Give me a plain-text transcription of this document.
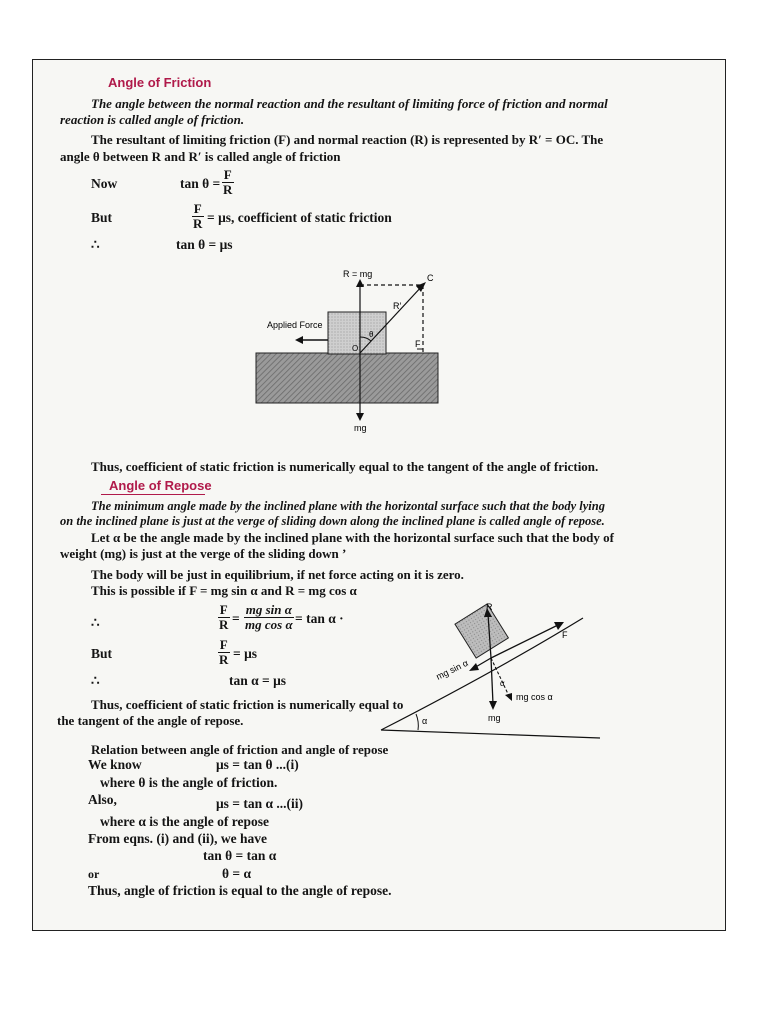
Angle of Friction
The angle between the normal reaction and the resultant of limiting force of friction and normal
reaction is called angle of friction.
The resultant of limiting friction (F) and normal reaction (R) is represented by R′ = OC. The
angle θ between R and R′ is called angle of friction
Now	$\tan \theta = \frac{F}{R}$
But	$\frac{F}{R} = \mu s$, coefficient of static friction
∴	tan θ = μs
R = mg	C
R′
θ
Applied Force
O	F
mg
Thus, coefficient of static friction is numerically equal to the tangent of the angle of friction.
Angle of Repose
The minimum angle made by the inclined plane with the horizontal surface such that the body lying
on the inclined plane is just at the verge of sliding down along the inclined plane is called angle of repose.
Let α be the angle made by the inclined plane with the horizontal surface such that the body of
weight (mg) is just at the verge of the sliding down ’
The body will be just in equilibrium, if net force acting on it is zero.
This is possible if F = mg sin α and R = mg cos α
∴	$\frac{F}{R} = \frac{\text{mg sin α}}{\text{mg cos α}} = \tan \alpha$ ·
But	$\frac{F}{R} = \mu s$
∴	tan α = μs
Thus, coefficient of static friction is numerically equal to
the tangent of the angle of repose.
R
F
mg sin α
α
mg cos α
mg
α
Relation between angle of friction and angle of repose
We know	μs = tan θ ...(i)
where θ is the angle of friction.
Also,	μs = tan α ...(ii)
where α is the angle of repose
From eqns. (i) and (ii), we have
tan θ = tan α
or	θ = α
Thus, angle of friction is equal to the angle of repose.
